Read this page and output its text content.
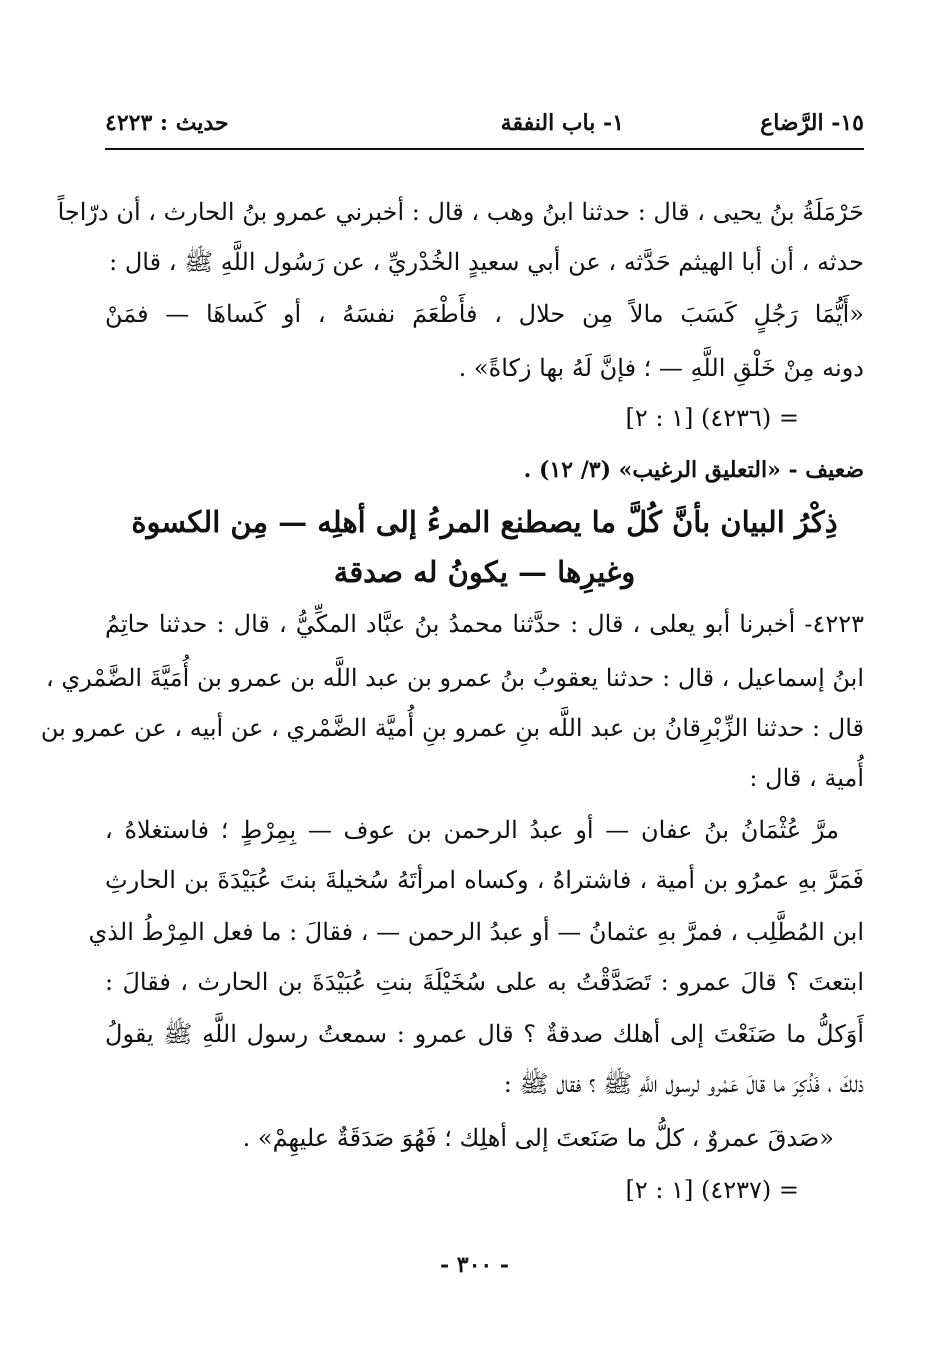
١٥- الرَّضاع
١- باب النفقة
حديث : ٤٢٢٣
حَرْمَلَةُ بنُ يحيى ، قال : حدثنا ابنُ وهب ، قال : أخبرني عمرو بنُ الحارث ، أن درّاجاً
حدثه ، أن أبا الهيثم حَدَّثه ، عن أبي سعيدٍ الخُدْريِّ ، عن رَسُول اللَّهِ ﷺ ، قال :
«أَيُّمَا رَجُلٍ كَسَبَ مالاً مِن حلال ، فأَطْعَمَ نفسَهُ ، أو كَساهَا — فمَنْ
دونه مِنْ خَلْقِ اللَّهِ — ؛ فإنَّ لَهُ بها زكاةً» .
= (٤٢٣٦) [١ : ٢]
ضعيف - «التعليق الرغيب» (٣/ ١٢) .
ذِكْرُ البيان بأنَّ كُلَّ ما يصطنع المرءُ إلى أهلِه — مِن الكسوة
وغيرِها — يكونُ له صدقة
٤٢٢٣- أخبرنا أبو يعلى ، قال : حدَّثنا محمدُ بنُ عبَّاد المكِّيُّ ، قال : حدثنا حاتِمُ
ابنُ إسماعيل ، قال : حدثنا يعقوبُ بنُ عمرو بن عبد اللَّه بن عمرو بن أُمَيَّةَ الضَّمْري ،
قال : حدثنا الزِّبْرِقانُ بن عبد اللَّه بنِ عمرو بنِ أُميَّة الضَّمْري ، عن أبيه ، عن عمرو بن
أُمية ، قال :
مرَّ عُثْمَانُ بنُ عفان — أو عبدُ الرحمن بن عوف — بِمِرْطٍ ؛ فاستغلاهُ ،
فَمَرَّ بهِ عمرُو بن أمية ، فاشتراهُ ، وكساه امرأتَهُ سُخيلةَ بنتَ عُبَيْدَةَ بن الحارثِ
ابن المُطَّلِب ، فمرَّ بهِ عثمانُ — أو عبدُ الرحمن — ، فقالَ : ما فعل المِرْطُ الذي
ابتعتَ ؟ قالَ عمرو : تَصَدَّقْتُ به على سُخَيْلَةَ بنتِ عُبَيْدَةَ بن الحارث ، فقالَ :
أَوَكلُّ ما صَنَعْتَ إلى أهلك صدقةٌ ؟ قال عمرو : سمعتُ رسول اللَّهِ ﷺ يقولُ
ذلكَ ، فَذُكِرَ ما قالَ عَمْرو لرسول اللَّهِ ﷺ ؟ فقال ﷺ :
«صَدقَ عمروٌ ، كلُّ ما صَنَعتَ إلى أهلِك ؛ فَهُوَ صَدَقَةٌ عليهِمْ» .
= (٤٢٣٧) [١ : ٢]
- ٣٠٠ -
